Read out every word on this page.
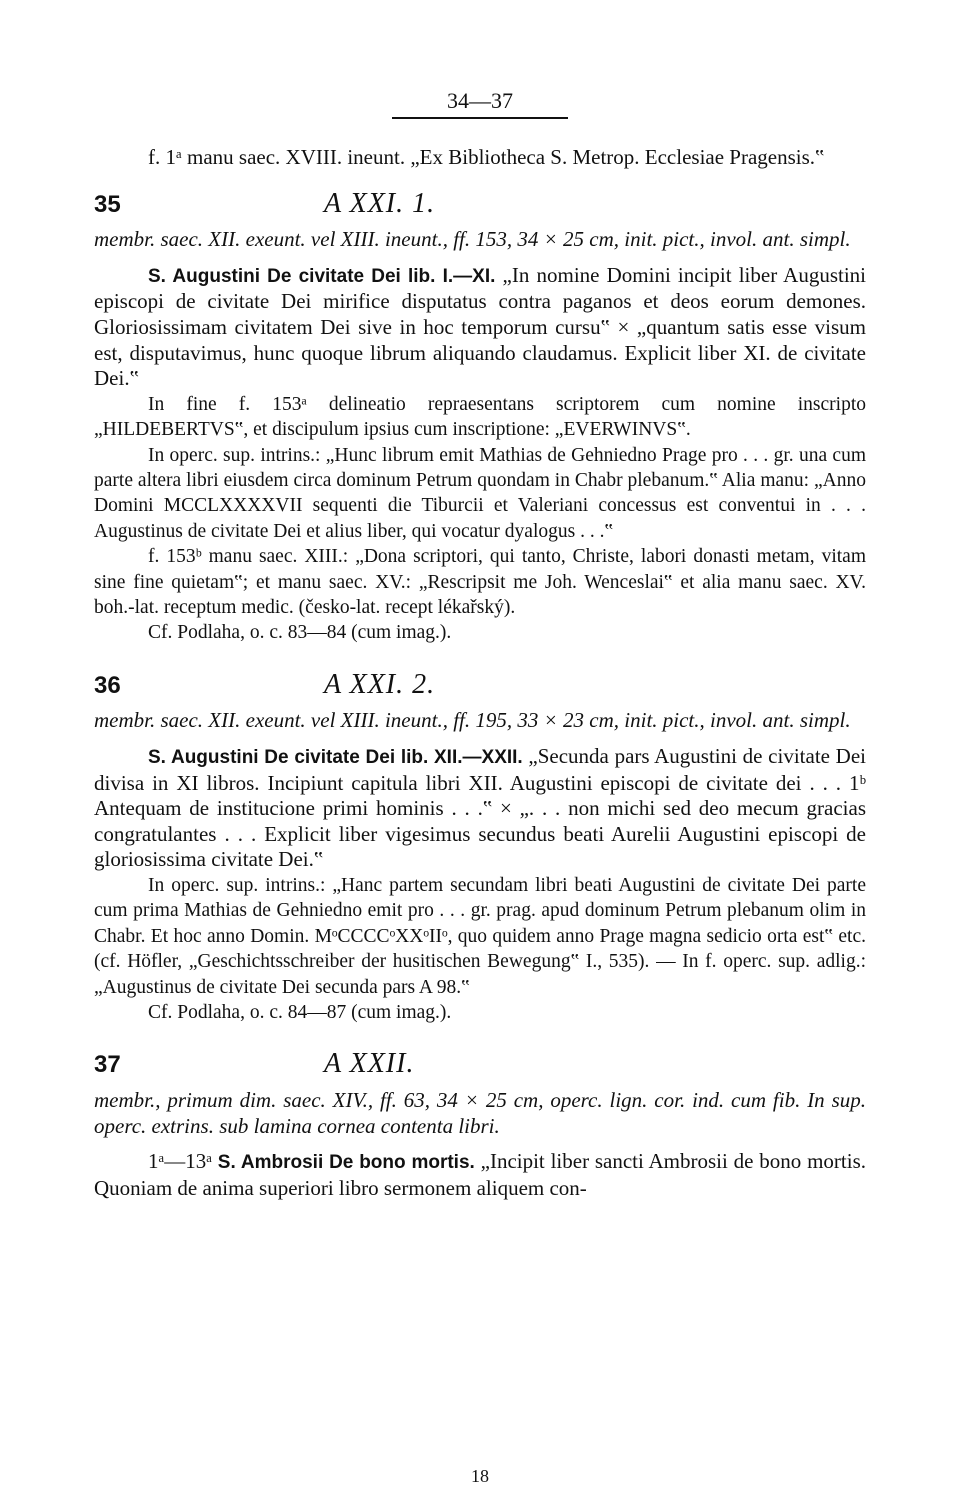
34—37

f. 1ᵃ manu saec. XVIII. ineunt. „Ex Bibliotheca S. Metrop. Ecclesiae Pragensis.‟

35	A XXI. 1.

membr. saec. XII. exeunt. vel XIII. ineunt., ff. 153, 34 × 25 cm, init. pict., invol. ant. simpl.

S. Augustini De civitate Dei lib. I.—XI. „In nomine Domini incipit liber Augustini episcopi de civitate Dei mirifice disputatus contra paganos et deos eorum demones. Gloriosissimam civitatem Dei sive in hoc temporum cursu‟ × „quantum satis esse visum est, disputavimus, hunc quoque librum aliquando claudamus. Explicit liber XI. de civitate Dei.‟

In fine f. 153ᵃ delineatio repraesentans scriptorem cum nomine inscripto „HILDEBERTVS‟, et discipulum ipsius cum inscriptione: „EVERWINVS‟.

In operc. sup. intrins.: „Hunc librum emit Mathias de Gehniedno Prage pro . . . gr. una cum parte altera libri eiusdem circa dominum Petrum quondam in Chabr plebanum.‟ Alia manu: „Anno Domini MCCLXXXXVII sequenti die Tiburcii et Valeriani concessus est conventui in . . . Augustinus de civitate Dei et alius liber, qui vocatur dyalogus . . .‟

f. 153ᵇ manu saec. XIII.: „Dona scriptori, qui tanto, Christe, labori donasti metam, vitam sine fine quietam‟; et manu saec. XV.: „Rescripsit me Joh. Wenceslai‟ et alia manu saec. XV. boh.-lat. receptum medic. (česko-lat. recept lékařský).

Cf. Podlaha, o. c. 83—84 (cum imag.).

36	A XXI. 2.

membr. saec. XII. exeunt. vel XIII. ineunt., ff. 195, 33 × 23 cm, init. pict., invol. ant. simpl.

S. Augustini De civitate Dei lib. XII.—XXII. „Secunda pars Augustini de civitate Dei divisa in XI libros. Incipiunt capitula libri XII. Augustini episcopi de civitate dei . . . 1ᵇ Antequam de institucione primi hominis . . .‟ × „. . . non michi sed deo mecum gracias congratulantes . . . Explicit liber vigesimus secundus beati Aurelii Augustini episcopi de gloriosissima civitate Dei.‟

In operc. sup. intrins.: „Hanc partem secundam libri beati Augustini de civitate Dei parte cum prima Mathias de Gehniedno emit pro . . . gr. prag. apud dominum Petrum plebanum olim in Chabr. Et hoc anno Domin. MᵒCCCCᵒXXᵒIIᵒ, quo quidem anno Prage magna sedicio orta est‟ etc. (cf. Höfler, „Geschichtsschreiber der husitischen Bewegung‟ I., 535). — In f. operc. sup. adlig.: „Augustinus de civitate Dei secunda pars A 98.‟

Cf. Podlaha, o. c. 84—87 (cum imag.).

37	A XXII.

membr., primum dim. saec. XIV., ff. 63, 34 × 25 cm, operc. lign. cor. ind. cum fib. In sup. operc. extrins. sub lamina cornea contenta libri.

1ᵃ—13ᵃ S. Ambrosii De bono mortis. „Incipit liber sancti Ambrosii de bono mortis. Quoniam de anima superiori libro sermonem aliquem con-

18
